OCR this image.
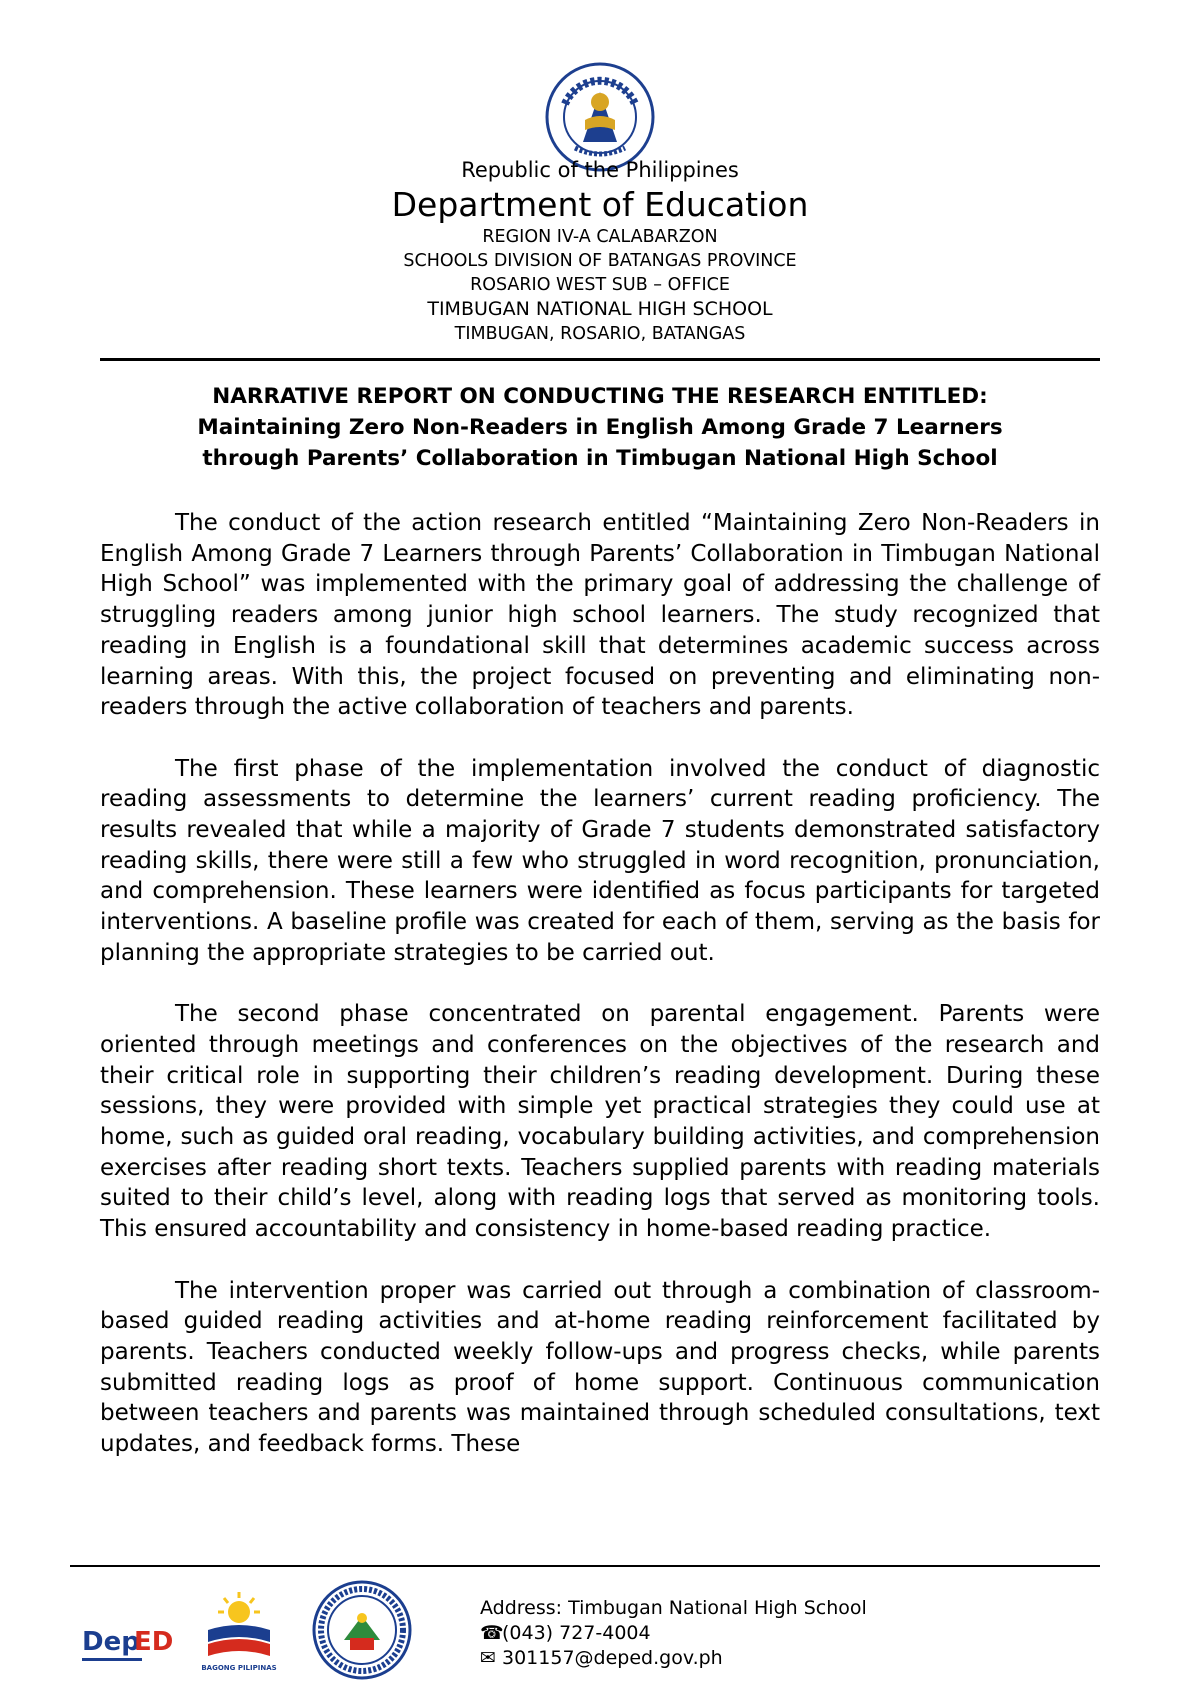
Republic of the Philippines
Department of Education
REGION IV-A CALABARZON
SCHOOLS DIVISION OF BATANGAS PROVINCE
ROSARIO WEST SUB – OFFICE
TIMBUGAN NATIONAL HIGH SCHOOL
TIMBUGAN, ROSARIO, BATANGAS
NARRATIVE REPORT ON CONDUCTING THE RESEARCH ENTITLED:
Maintaining Zero Non-Readers in English Among Grade 7 Learners
through Parents’ Collaboration in Timbugan National High School

The conduct of the action research entitled “Maintaining Zero Non-Readers in English Among Grade 7 Learners through Parents’ Collaboration in Timbugan National High School” was implemented with the primary goal of addressing the challenge of struggling readers among junior high school learners. The study recognized that reading in English is a foundational skill that determines academic success across learning areas. With this, the project focused on preventing and eliminating non-readers through the active collaboration of teachers and parents.

The first phase of the implementation involved the conduct of diagnostic reading assessments to determine the learners’ current reading proficiency. The results revealed that while a majority of Grade 7 students demonstrated satisfactory reading skills, there were still a few who struggled in word recognition, pronunciation, and comprehension. These learners were identified as focus participants for targeted interventions. A baseline profile was created for each of them, serving as the basis for planning the appropriate strategies to be carried out.

The second phase concentrated on parental engagement. Parents were oriented through meetings and conferences on the objectives of the research and their critical role in supporting their children’s reading development. During these sessions, they were provided with simple yet practical strategies they could use at home, such as guided oral reading, vocabulary building activities, and comprehension exercises after reading short texts. Teachers supplied parents with reading materials suited to their child’s level, along with reading logs that served as monitoring tools. This ensured accountability and consistency in home-based reading practice.

The intervention proper was carried out through a combination of classroom-based guided reading activities and at-home reading reinforcement facilitated by parents. Teachers conducted weekly follow-ups and progress checks, while parents submitted reading logs as proof of home support. Continuous communication between teachers and parents was maintained through scheduled consultations, text updates, and feedback forms. These

Dep
ED
BAGONG PILIPINAS
Address: Timbugan National High School
☎(043) 727-4004
✉ 301157@deped.gov.ph
